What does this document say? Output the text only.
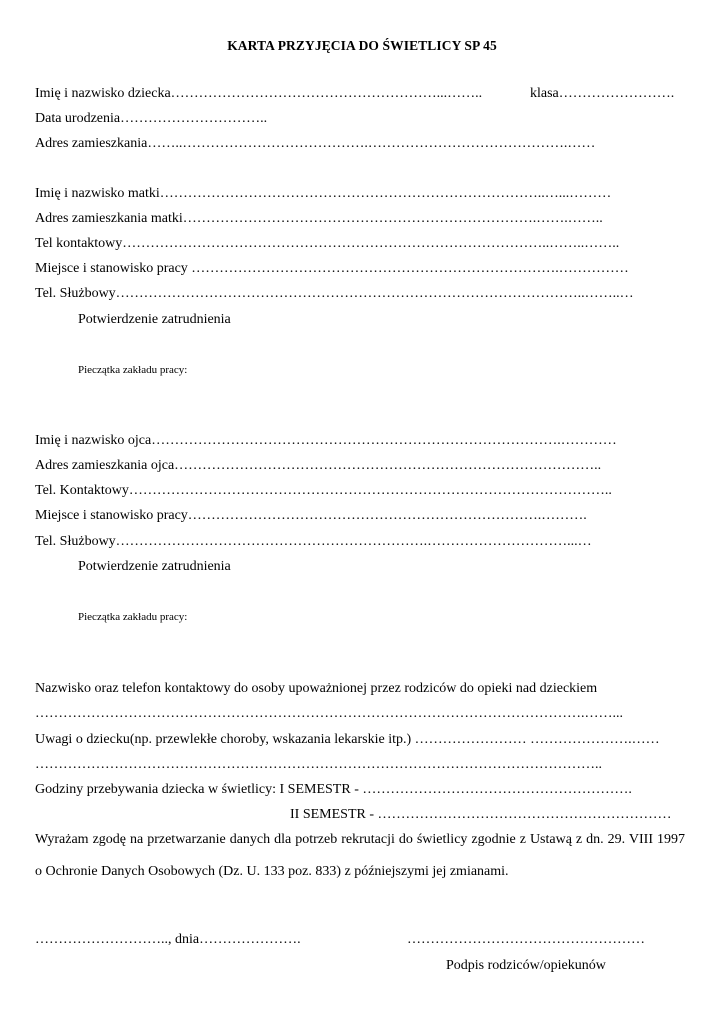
KARTA PRZYJĘCIA DO ŚWIETLICY SP 45
Imię i nazwisko dziecka…………………………………………………...……..	klasa…………………….
Data urodzenia…………………………..
Adres zamieszkania……..………………………………….…………………………………….……
Imię i nazwisko matki………………………………………………………………………..…...………
Adres zamieszkania matki………………………………………………………………….…….……..
Tel kontaktowy………………………………………………………………………………..……..……..
Miejsce i stanowisko pracy …………………………………………………………………….……………
Tel. Służbowy………………………………………………………………………………………..……..…
Potwierdzenie zatrudnienia
Pieczątka zakładu pracy:
Imię i nazwisko ojca…………………………………………………………………………….…………
Adres zamieszkania ojca………………………………………………………………………………..
Tel. Kontaktowy…………………………………………………………………………………………..
Miejsce i stanowisko pracy………………………………………………………………….……….
Tel. Służbowy………………………………………………………….…………………………...…
Potwierdzenie zatrudnienia
Pieczątka zakładu pracy:
Nazwisko oraz telefon kontaktowy do osoby upoważnionej przez rodziców do opieki nad dzieckiem
……………………………………………………………………………………………………….……...
Uwagi o dziecku(np. przewlekłe choroby, wskazania lekarskie itp.) …………………… ………………….……
…………………………………………………………………………………………………………..
Godziny przebywania dziecka w świetlicy: I SEMESTR - ………………………………………………….
II SEMESTR - ………………………………………………………
Wyrażam zgodę na przetwarzanie danych dla potrzeb rekrutacji do świetlicy zgodnie z Ustawą z dn. 29. VIII 1997 o Ochronie Danych Osobowych (Dz. U. 133 poz. 833) z późniejszymi jej zmianami.
……………………….., dnia………………….	……………………………………………
Podpis rodziców/opiekunów
